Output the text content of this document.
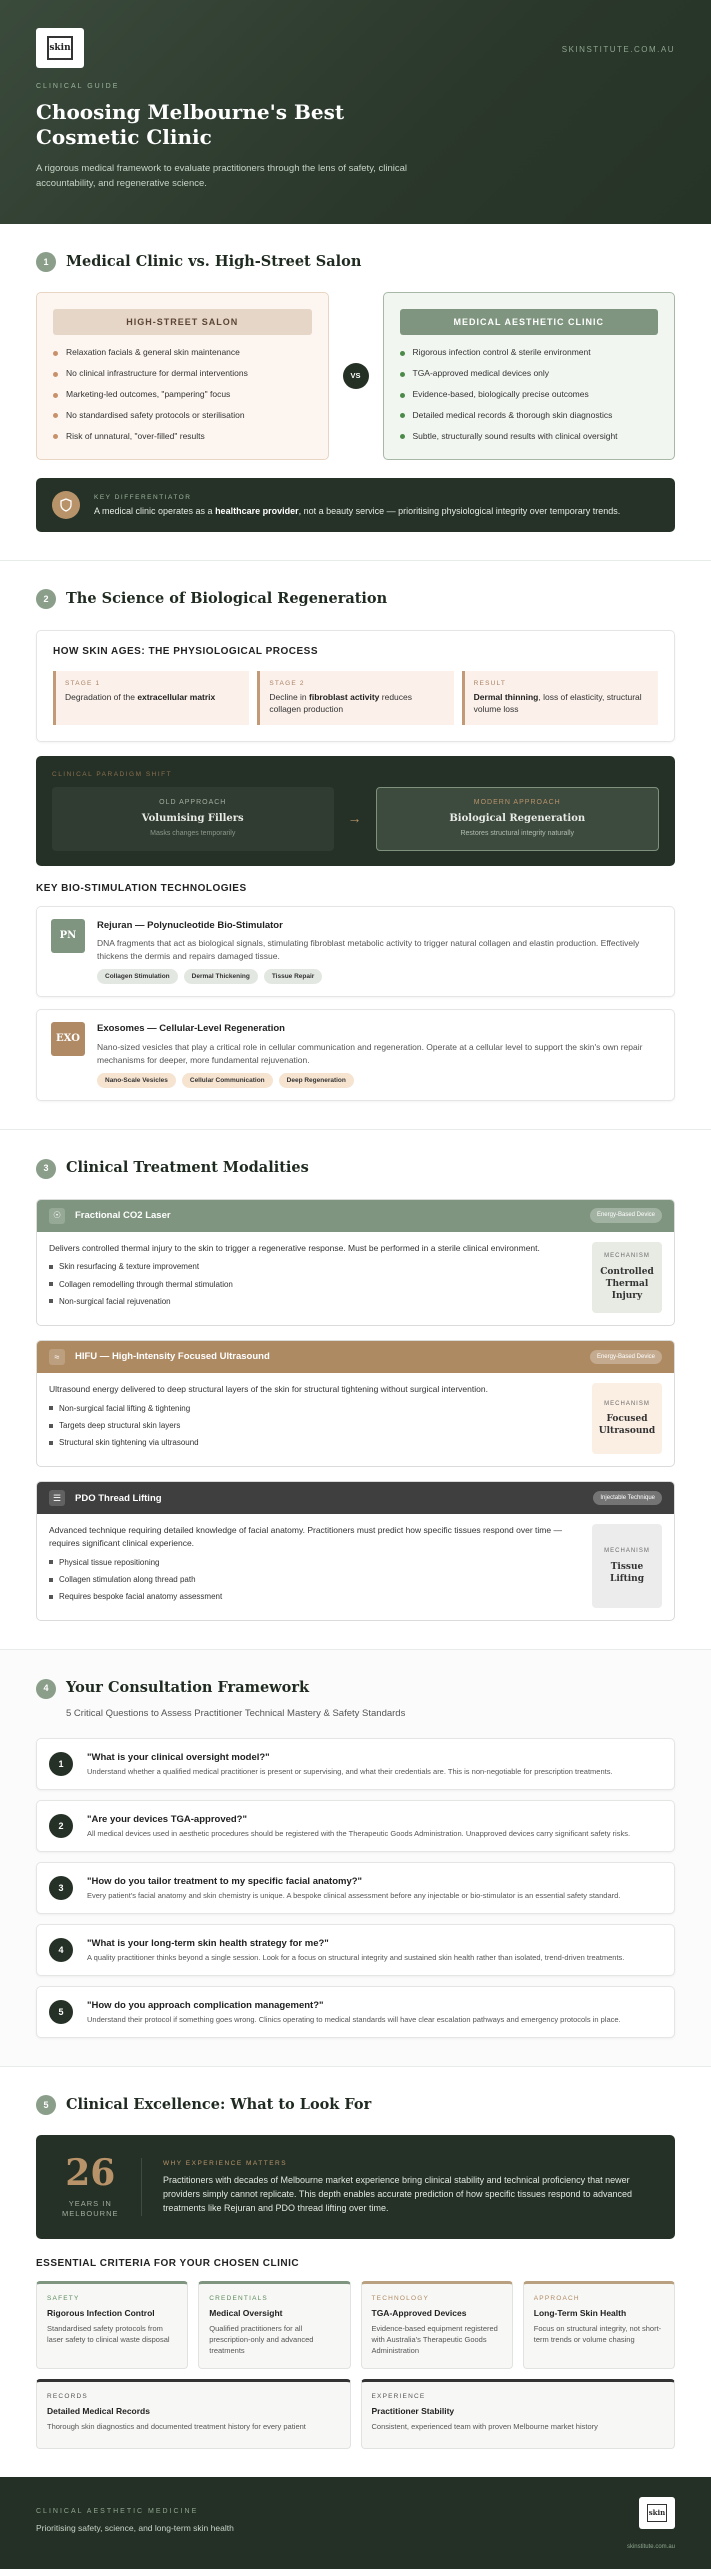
skin	SKINSTITUTE.COM.AU
CLINICAL GUIDE
Choosing Melbourne's Best Cosmetic Clinic

A rigorous medical framework to evaluate practitioners through the lens of safety, clinical accountability, and regenerative science.

1	Medical Clinic vs. High-Street Salon
HIGH-STREET SALON
Relaxation facials & general skin maintenance
No clinical infrastructure for dermal interventions
Marketing-led outcomes, "pampering" focus
No standardised safety protocols or sterilisation
Risk of unnatural, "over-filled" results
VS
MEDICAL AESTHETIC CLINIC
Rigorous infection control & sterile environment
TGA-approved medical devices only
Evidence-based, biologically precise outcomes
Detailed medical records & thorough skin diagnostics
Subtle, structurally sound results with clinical oversight
KEY DIFFERENTIATOR
A medical clinic operates as a healthcare provider, not a beauty service — prioritising physiological integrity over temporary trends.
2	The Science of Biological Regeneration
HOW SKIN AGES: THE PHYSIOLOGICAL PROCESS
STAGE 1
Degradation of the extracellular matrix
STAGE 2
Decline in fibroblast activity reduces collagen production
RESULT
Dermal thinning, loss of elasticity, structural volume loss
CLINICAL PARADIGM SHIFT
OLD APPROACH
Volumising Fillers
Masks changes temporarily
→
MODERN APPROACH
Biological Regeneration
Restores structural integrity naturally
KEY BIO-STIMULATION TECHNOLOGIES
PN
Rejuran — Polynucleotide Bio-Stimulator

DNA fragments that act as biological signals, stimulating fibroblast metabolic activity to trigger natural collagen and elastin production. Effectively thickens the dermis and repairs damaged tissue.

Collagen Stimulation	Dermal Thickening	Tissue Repair
EXO
Exosomes — Cellular-Level Regeneration

Nano-sized vesicles that play a critical role in cellular communication and regeneration. Operate at a cellular level to support the skin's own repair mechanisms for deeper, more fundamental rejuvenation.

Nano-Scale Vesicles	Cellular Communication	Deep Regeneration
3	Clinical Treatment Modalities
☉	Fractional CO2 Laser	Energy-Based Device

Delivers controlled thermal injury to the skin to trigger a regenerative response. Must be performed in a sterile clinical environment.

Skin resurfacing & texture improvement
Collagen remodelling through thermal stimulation
Non-surgical facial rejuvenation
MECHANISM
Controlled Thermal Injury
≈	HIFU — High-Intensity Focused Ultrasound	Energy-Based Device

Ultrasound energy delivered to deep structural layers of the skin for structural tightening without surgical intervention.

Non-surgical facial lifting & tightening
Targets deep structural skin layers
Structural skin tightening via ultrasound
MECHANISM
Focused Ultrasound
☰	PDO Thread Lifting	Injectable Technique

Advanced technique requiring detailed knowledge of facial anatomy. Practitioners must predict how specific tissues respond over time — requires significant clinical experience.

Physical tissue repositioning
Collagen stimulation along thread path
Requires bespoke facial anatomy assessment
MECHANISM
Tissue Lifting
4	Your Consultation Framework
5 Critical Questions to Assess Practitioner Technical Mastery & Safety Standards
1
"What is your clinical oversight model?"

Understand whether a qualified medical practitioner is present or supervising, and what their credentials are. This is non-negotiable for prescription treatments.

2
"Are your devices TGA-approved?"

All medical devices used in aesthetic procedures should be registered with the Therapeutic Goods Administration. Unapproved devices carry significant safety risks.

3
"How do you tailor treatment to my specific facial anatomy?"

Every patient's facial anatomy and skin chemistry is unique. A bespoke clinical assessment before any injectable or bio-stimulator is an essential safety standard.

4
"What is your long-term skin health strategy for me?"

A quality practitioner thinks beyond a single session. Look for a focus on structural integrity and sustained skin health rather than isolated, trend-driven treatments.

5
"How do you approach complication management?"

Understand their protocol if something goes wrong. Clinics operating to medical standards will have clear escalation pathways and emergency protocols in place.

5	Clinical Excellence: What to Look For
26
YEARS IN MELBOURNE
WHY EXPERIENCE MATTERS

Practitioners with decades of Melbourne market experience bring clinical stability and technical proficiency that newer providers simply cannot replicate. This depth enables accurate prediction of how specific tissues respond to advanced treatments like Rejuran and PDO thread lifting over time.

ESSENTIAL CRITERIA FOR YOUR CHOSEN CLINIC
SAFETY
Rigorous Infection Control

Standardised safety protocols from laser safety to clinical waste disposal

CREDENTIALS
Medical Oversight

Qualified practitioners for all prescription-only and advanced treatments

TECHNOLOGY
TGA-Approved Devices

Evidence-based equipment registered with Australia's Therapeutic Goods Administration

APPROACH
Long-Term Skin Health

Focus on structural integrity, not short-term trends or volume chasing

RECORDS
Detailed Medical Records

Thorough skin diagnostics and documented treatment history for every patient

EXPERIENCE
Practitioner Stability

Consistent, experienced team with proven Melbourne market history

CLINICAL AESTHETIC MEDICINE
Prioritising safety, science, and long-term skin health
skin
skinstitute.com.au
